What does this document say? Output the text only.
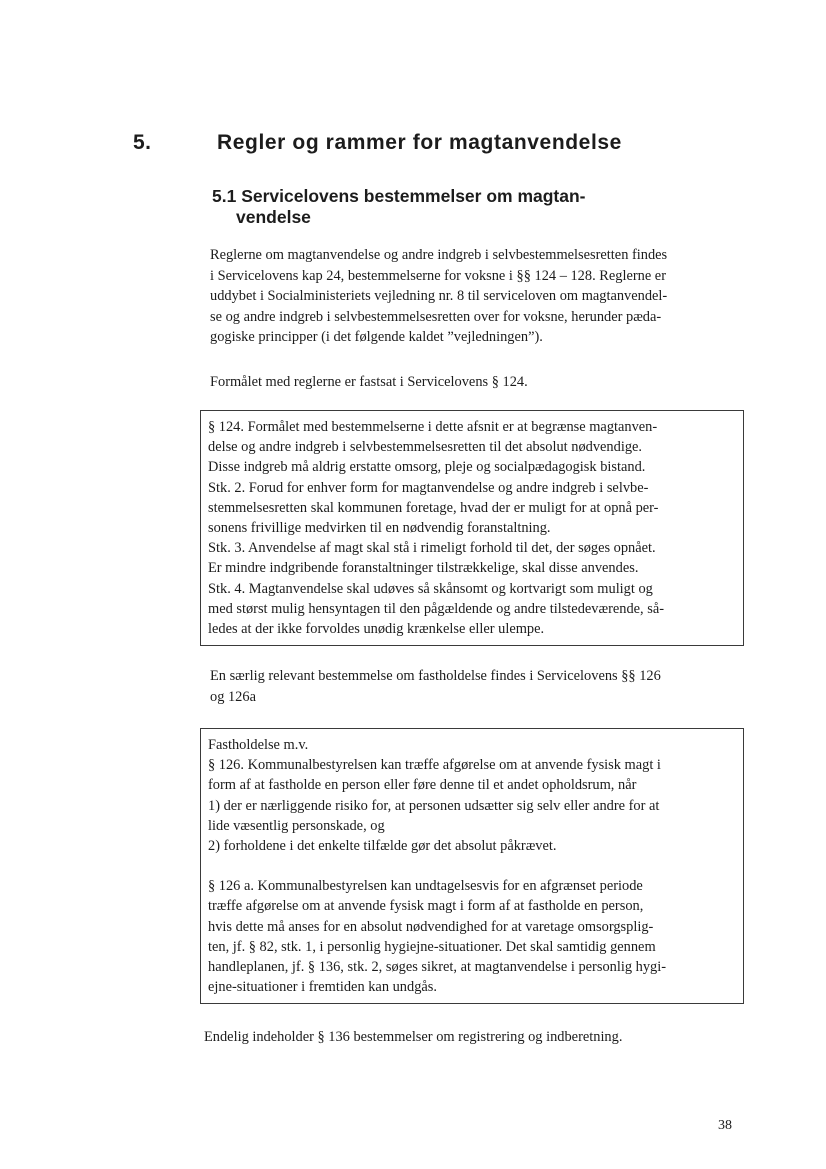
5.	Regler og rammer for magtanvendelse
5.1 Servicelovens bestemmelser om magtan-
vendelse
Reglerne om magtanvendelse og andre indgreb i selvbestemmelsesretten findes
i Servicelovens kap 24, bestemmelserne for voksne i §§ 124 – 128. Reglerne er
uddybet i Socialministeriets vejledning nr. 8 til serviceloven om magtanvendel-
se og andre indgreb i selvbestemmelsesretten over for voksne, herunder pæda-
gogiske principper (i det følgende kaldet ”vejledningen”).
Formålet med reglerne er fastsat i Servicelovens § 124.
§ 124. Formålet med bestemmelserne i dette afsnit er at begrænse magtanven-
delse og andre indgreb i selvbestemmelsesretten til det absolut nødvendige.
Disse indgreb må aldrig erstatte omsorg, pleje og socialpædagogisk bistand.
Stk. 2. Forud for enhver form for magtanvendelse og andre indgreb i selvbe-
stemmelsesretten skal kommunen foretage, hvad der er muligt for at opnå per-
sonens frivillige medvirken til en nødvendig foranstaltning.
Stk. 3. Anvendelse af magt skal stå i rimeligt forhold til det, der søges opnået.
Er mindre indgribende foranstaltninger tilstrækkelige, skal disse anvendes.
Stk. 4. Magtanvendelse skal udøves så skånsomt og kortvarigt som muligt og
med størst mulig hensyntagen til den pågældende og andre tilstedeværende, så-
ledes at der ikke forvoldes unødig krænkelse eller ulempe.
En særlig relevant bestemmelse om fastholdelse findes i Servicelovens §§ 126
og 126a
Fastholdelse m.v.
§ 126. Kommunalbestyrelsen kan træffe afgørelse om at anvende fysisk magt i
form af at fastholde en person eller føre denne til et andet opholdsrum, når
1) der er nærliggende risiko for, at personen udsætter sig selv eller andre for at
lide væsentlig personskade, og
2) forholdene i det enkelte tilfælde gør det absolut påkrævet.
§ 126 a. Kommunalbestyrelsen kan undtagelsesvis for en afgrænset periode
træffe afgørelse om at anvende fysisk magt i form af at fastholde en person,
hvis dette må anses for en absolut nødvendighed for at varetage omsorgsplig-
ten, jf. § 82, stk. 1, i personlig hygiejne-situationer. Det skal samtidig gennem
handleplanen, jf. § 136, stk. 2, søges sikret, at magtanvendelse i personlig hygi-
ejne-situationer i fremtiden kan undgås.
Endelig indeholder § 136 bestemmelser om registrering og indberetning.
38
